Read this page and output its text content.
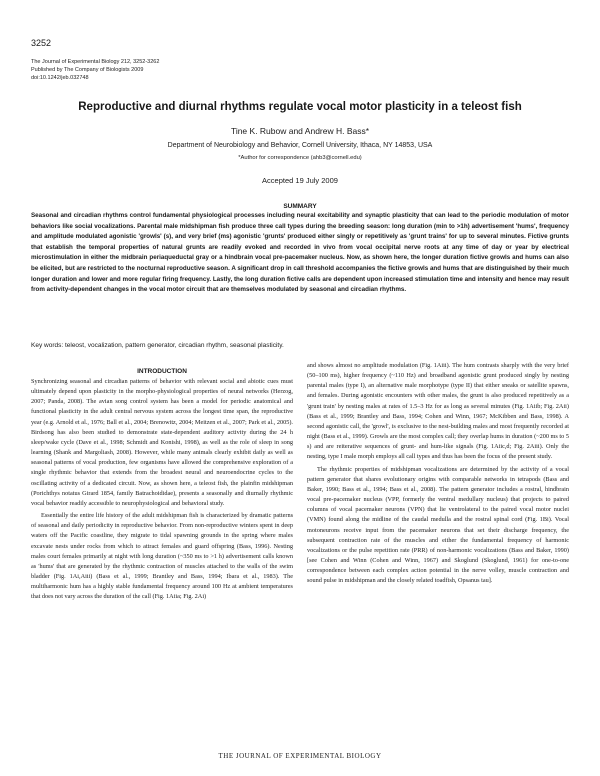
3252
The Journal of Experimental Biology 212, 3252-3262
Published by The Company of Biologists 2009
doi:10.1242/jeb.032748
Reproductive and diurnal rhythms regulate vocal motor plasticity in a teleost fish
Tine K. Rubow and Andrew H. Bass*
Department of Neurobiology and Behavior, Cornell University, Ithaca, NY 14853, USA
*Author for correspondence (ahb3@cornell.edu)
Accepted 19 July 2009
SUMMARY

Seasonal and circadian rhythms control fundamental physiological processes including neural excitability and synaptic plasticity that can lead to the periodic modulation of motor behaviors like social vocalizations. Parental male midshipman fish produce three call types during the breeding season: long duration (min to >1h) advertisement 'hums', frequency and amplitude modulated agonistic 'growls' (s), and very brief (ms) agonistic 'grunts' produced either singly or repetitively as 'grunt trains' for up to several minutes. Fictive grunts that establish the temporal properties of natural grunts are readily evoked and recorded in vivo from vocal occipital nerve roots at any time of day or year by electrical microstimulation in either the midbrain periaqueductal gray or a hindbrain vocal pre-pacemaker nucleus. Now, as shown here, the longer duration fictive growls and hums can also be elicited, but are restricted to the nocturnal reproductive season. A significant drop in call threshold accompanies the fictive growls and hums that are distinguished by their much longer duration and lower and more regular firing frequency. Lastly, the long duration fictive calls are dependent upon increased stimulation time and intensity and hence may result from activity-dependent changes in the vocal motor circuit that are themselves modulated by seasonal and circadian rhythms.

Key words: teleost, vocalization, pattern generator, circadian rhythm, seasonal plasticity.
INTRODUCTION

Synchronizing seasonal and circadian patterns of behavior with relevant social and abiotic cues must ultimately depend upon plasticity in the morpho-physiological properties of neural networks (Herzog, 2007; Panda, 2008). The avian song control system has been a model for periodic anatomical and functional plasticity in the adult central nervous system across the longest time span, the reproductive year (e.g. Arnold et al., 1976; Ball et al., 2004; Brenowitz, 2004; Meitzen et al., 2007; Park et al., 2005). Birdsong has also been studied to demonstrate state-dependent auditory activity during the 24 h sleep/wake cycle (Dave et al., 1998; Schmidt and Konishi, 1998), as well as the role of sleep in song learning (Shank and Margoliash, 2008). However, while many animals clearly exhibit daily as well as seasonal patterns of vocal production, few organisms have allowed the comprehensive exploration of a single rhythmic behavior that extends from the broadest neural and neuroendocrine cycles to the oscillating activity of a dedicated circuit. Now, as shown here, a teleost fish, the plainfin midshipman (Porichthys notatus Girard 1854, family Batrachoididae), presents a seasonally and diurnally rhythmic vocal behavior readily accessible to neurophysiological and behavioral study.

Essentially the entire life history of the adult midshipman fish is characterized by dramatic patterns of seasonal and daily periodicity in reproductive behavior. From non-reproductive winters spent in deep waters off the Pacific coastline, they migrate to tidal spawning grounds in the spring where males excavate nests under rocks from which to attract females and guard offspring (Bass, 1996). Nesting males court females primarily at night with long duration (~350 ms to >1 h) advertisement calls known as 'hums' that are generated by the rhythmic contraction of muscles attached to the walls of the swim bladder (Fig. 1Ai,Aiii) (Bass et al., 1999; Brantley and Bass, 1994; Ibara et al., 1983). The multiharmonic hum has a highly stable fundamental frequency around 100 Hz at ambient temperatures that does not vary across the duration of the call (Fig. 1Aiia; Fig. 2Ai)

and shows almost no amplitude modulation (Fig. 1Aiii). The hum contrasts sharply with the very brief (50–100 ms), higher frequency (~110 Hz) and broadband agonistic grunt produced singly by nesting parental males (type I), an alternative male morphotype (type II) that either sneaks or satellite spawns, and females. During agonistic encounters with other males, the grunt is also produced repetitively as a 'grunt train' by nesting males at rates of 1.5–3 Hz for as long as several minutes (Fig. 1Aiib; Fig. 2Aii) (Bass et al., 1999; Brantley and Bass, 1994; Cohen and Winn, 1967; McKibben and Bass, 1998). A second agonistic call, the 'growl', is exclusive to the nest-building males and most frequently recorded at night (Bass et al., 1999). Growls are the most complex call; they overlap hums in duration (~200 ms to 5 s) and are reiterative sequences of grunt- and hum-like signals (Fig. 1Aiic,d; Fig. 2Aiii). Only the nesting, type I male morph employs all call types and thus has been the focus of the present study.

The rhythmic properties of midshipman vocalizations are determined by the activity of a vocal pattern generator that shares evolutionary origins with comparable networks in tetrapods (Bass and Baker, 1990; Bass et al., 1994; Bass et al., 2008). The pattern generator includes a rostral, hindbrain vocal pre-pacemaker nucleus (VPP, formerly the ventral medullary nucleus) that projects to paired columns of vocal pacemaker neurons (VPN) that lie ventrolateral to the paired vocal motor nuclei (VMN) found along the midline of the caudal medulla and the rostral spinal cord (Fig. 1Bi). Vocal motoneurons receive input from the pacemaker neurons that set their discharge frequency, the subsequent contraction rate of the muscles and either the fundamental frequency of harmonic vocalizations or the pulse repetition rate (PRR) of non-harmonic vocalizations (Bass and Baker, 1990) [see Cohen and Winn (Cohen and Winn, 1967) and Skoglund (Skoglund, 1961) for one-to-one correspondence between each complex action potential in the nerve volley, muscle contraction and sound pulse in midshipman and the closely related toadfish, Opsanus tau].

THE JOURNAL OF EXPERIMENTAL BIOLOGY
